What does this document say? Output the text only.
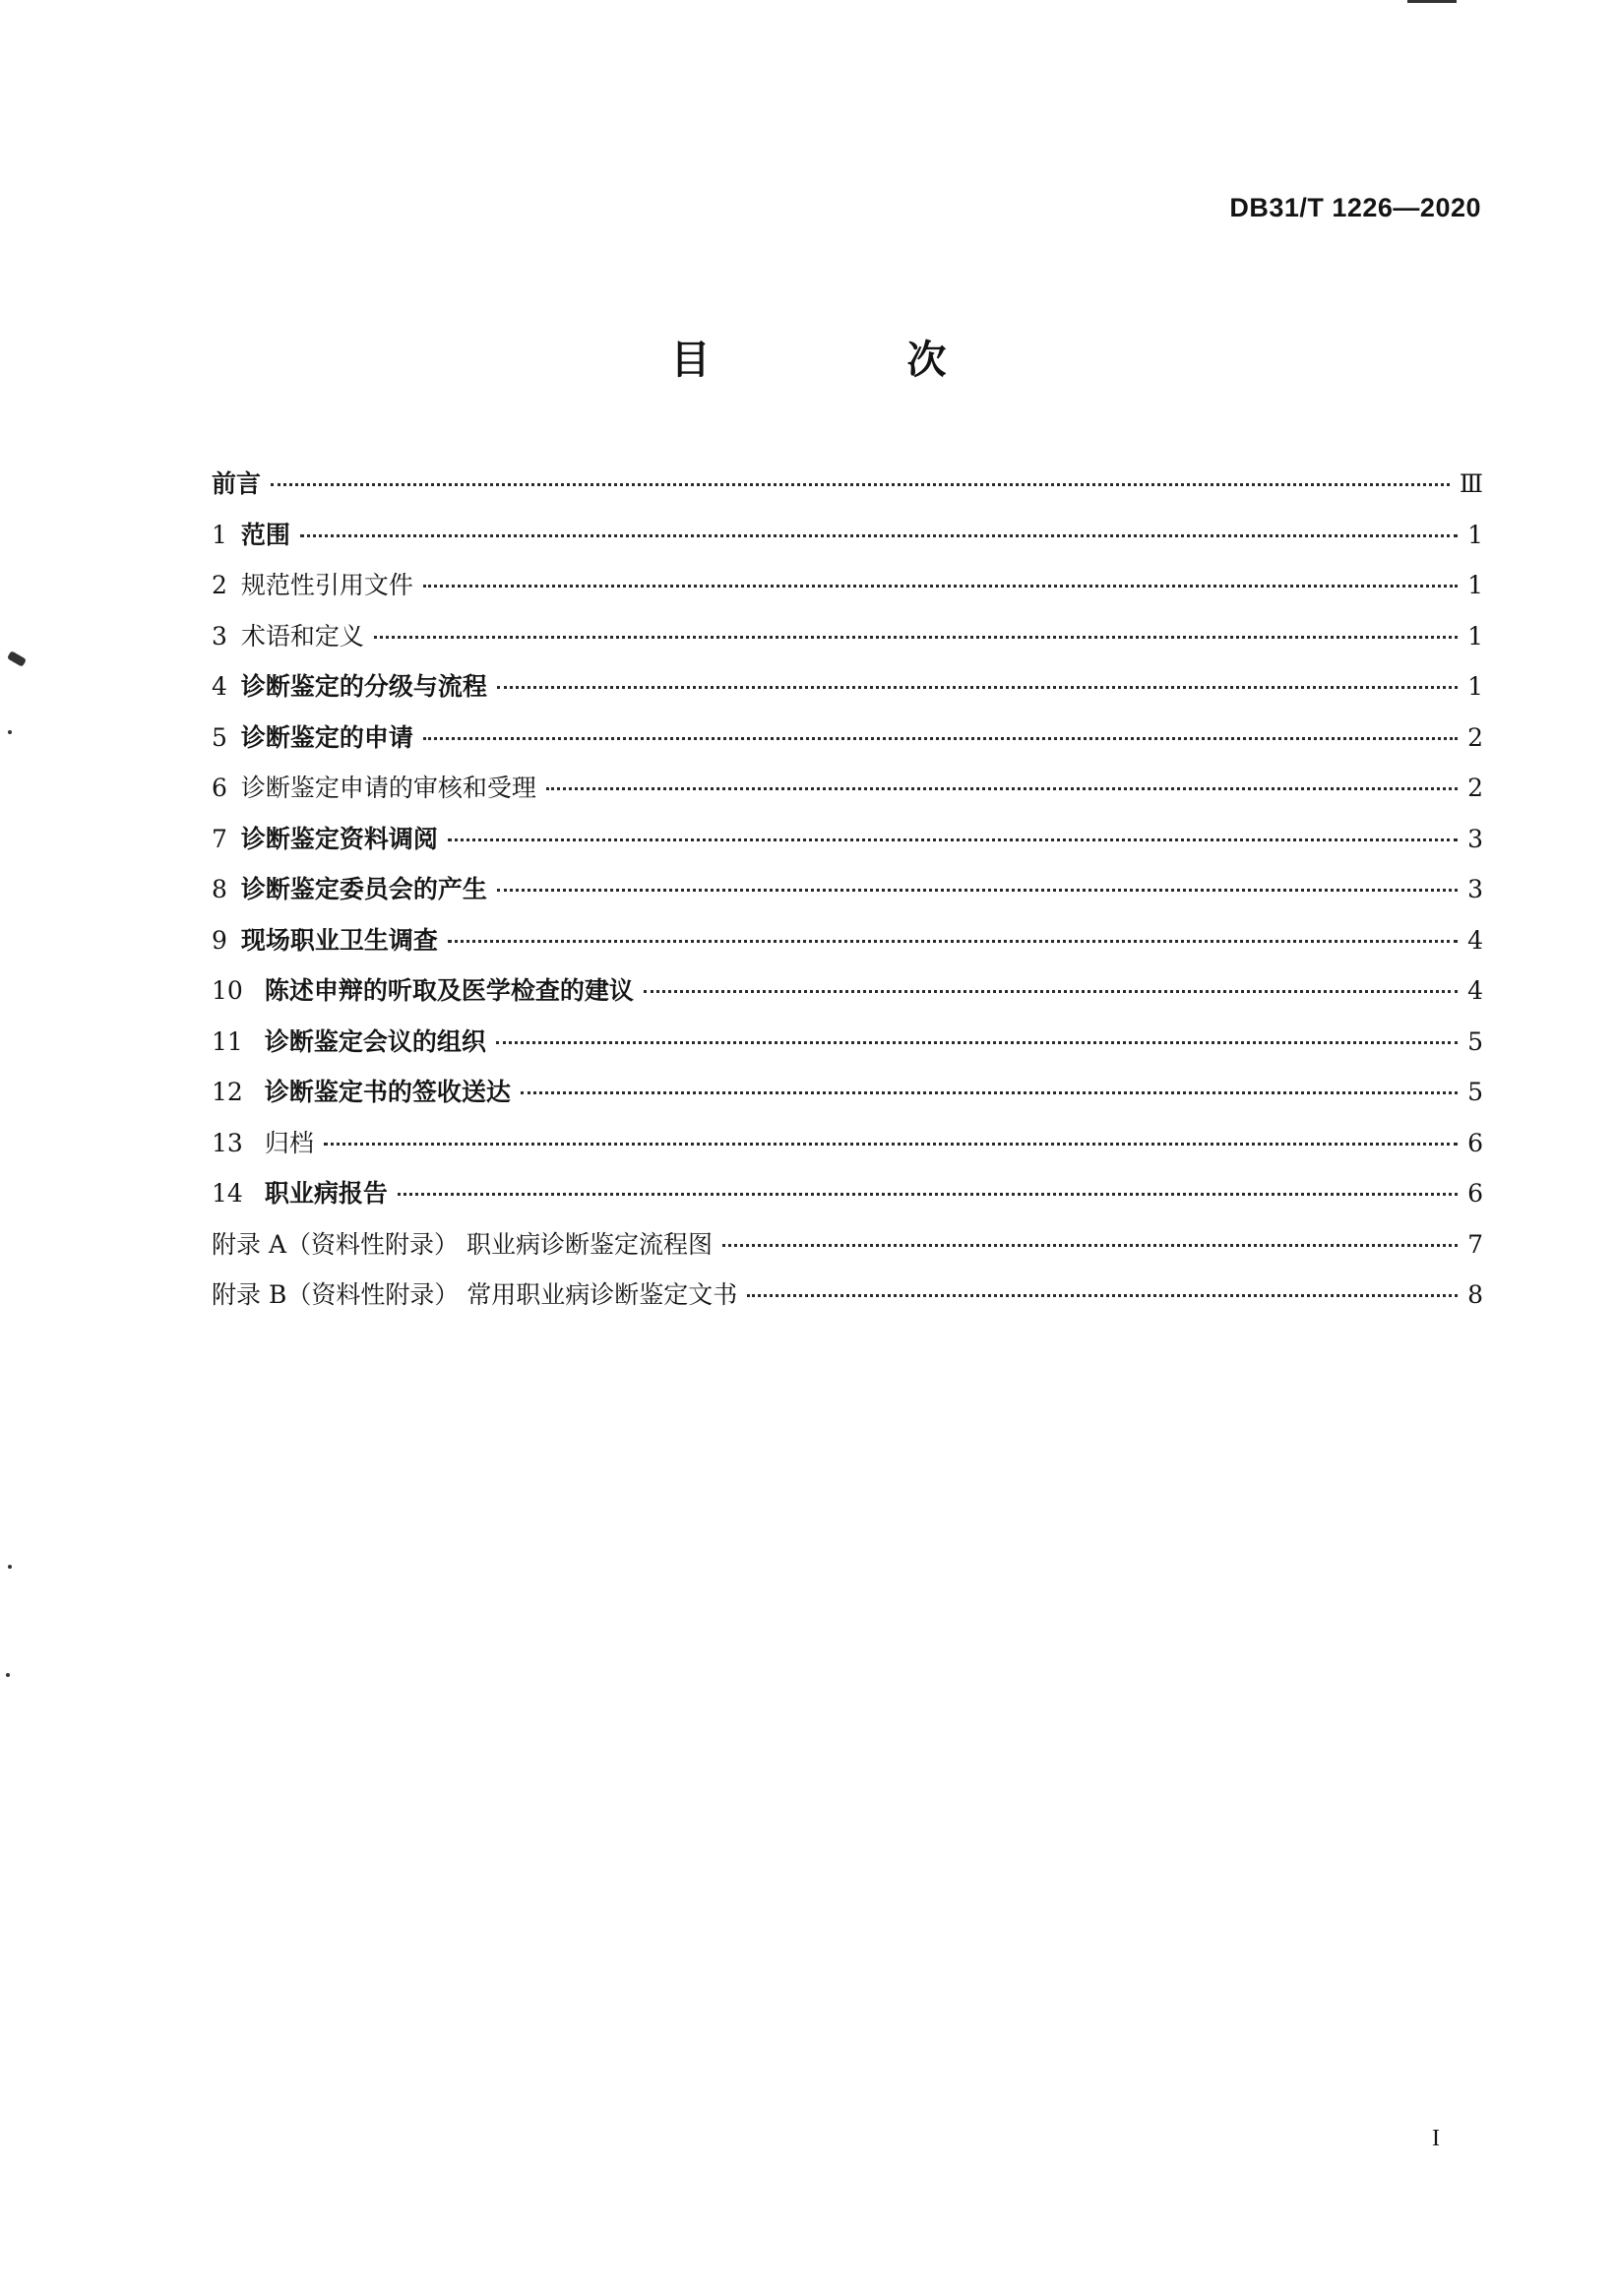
DB31/T 1226—2020
目　次
前言	Ⅲ
1 范围	1
2 规范性引用文件	1
3 术语和定义	1
4 诊断鉴定的分级与流程	1
5 诊断鉴定的申请	2
6 诊断鉴定申请的审核和受理	2
7 诊断鉴定资料调阅	3
8 诊断鉴定委员会的产生	3
9 现场职业卫生调查	4
10 陈述申辩的听取及医学检查的建议	4
11 诊断鉴定会议的组织	5
12 诊断鉴定书的签收送达	5
13 归档	6
14 职业病报告	6
附录 A（资料性附录） 职业病诊断鉴定流程图	7
附录 B（资料性附录） 常用职业病诊断鉴定文书	8
I
